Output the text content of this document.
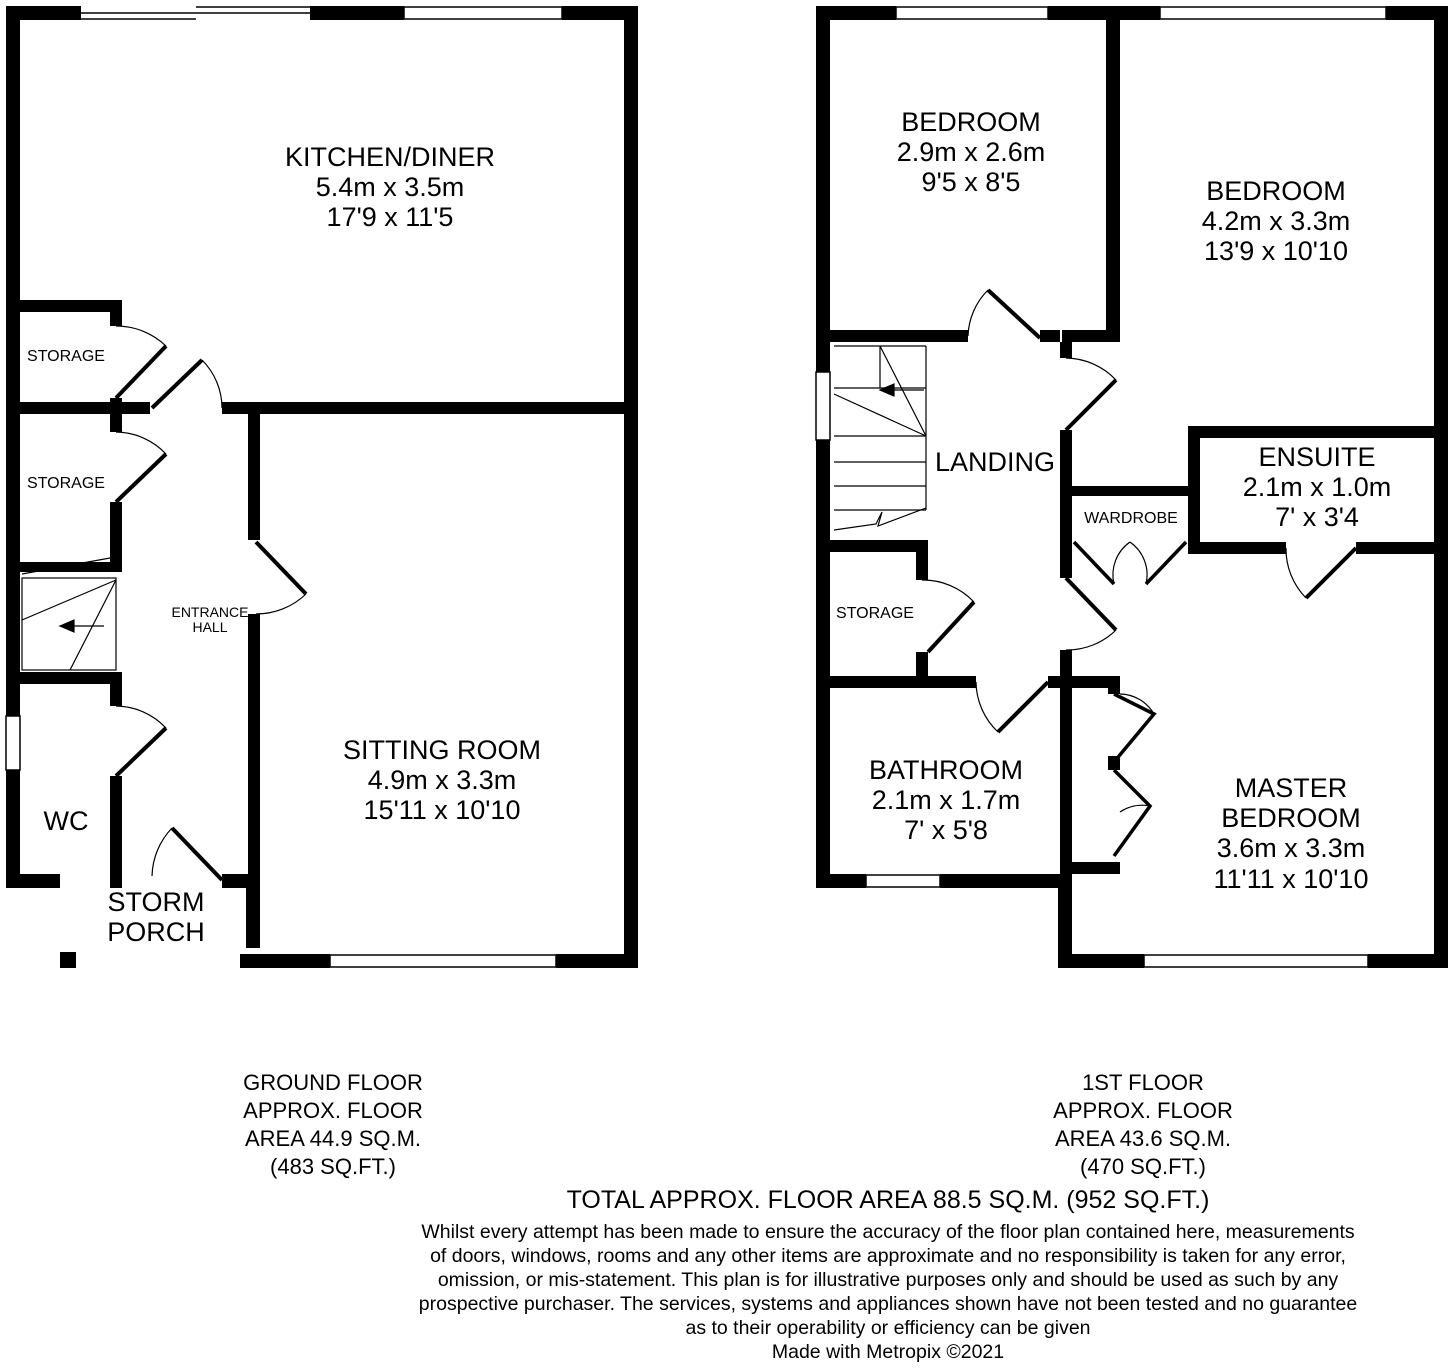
KITCHEN/DINER
5.4m x 3.5m
17'9 x 11'5
STORAGE
STORAGE
ENTRANCE
HALL
SITTING ROOM
4.9m x 3.3m
15'11 x 10'10
WC
STORM
PORCH
BEDROOM
2.9m x 2.6m
9'5 x 8'5	BEDROOM
4.2m x 3.3m
13'9 x 10'10
LANDING	ENSUITE
2.1m x 1.0m
7' x 3'4
WARDROBE
STORAGE
BATHROOM
2.1m x 1.7m
7' x 5'8
MASTER
BEDROOM
3.6m x 3.3m
11'11 x 10'10
GROUND FLOOR
APPROX. FLOOR
AREA 44.9 SQ.M.
(483 SQ.FT.)
1ST FLOOR
APPROX. FLOOR
AREA 43.6 SQ.M.
(470 SQ.FT.)
TOTAL APPROX. FLOOR AREA 88.5 SQ.M. (952 SQ.FT.)
Whilst every attempt has been made to ensure the accuracy of the floor plan contained here, measurements
of doors, windows, rooms and any other items are approximate and no responsibility is taken for any error,
omission, or mis-statement. This plan is for illustrative purposes only and should be used as such by any
prospective purchaser. The services, systems and appliances shown have not been tested and no guarantee
as to their operability or efficiency can be given
Made with Metropix ©2021
